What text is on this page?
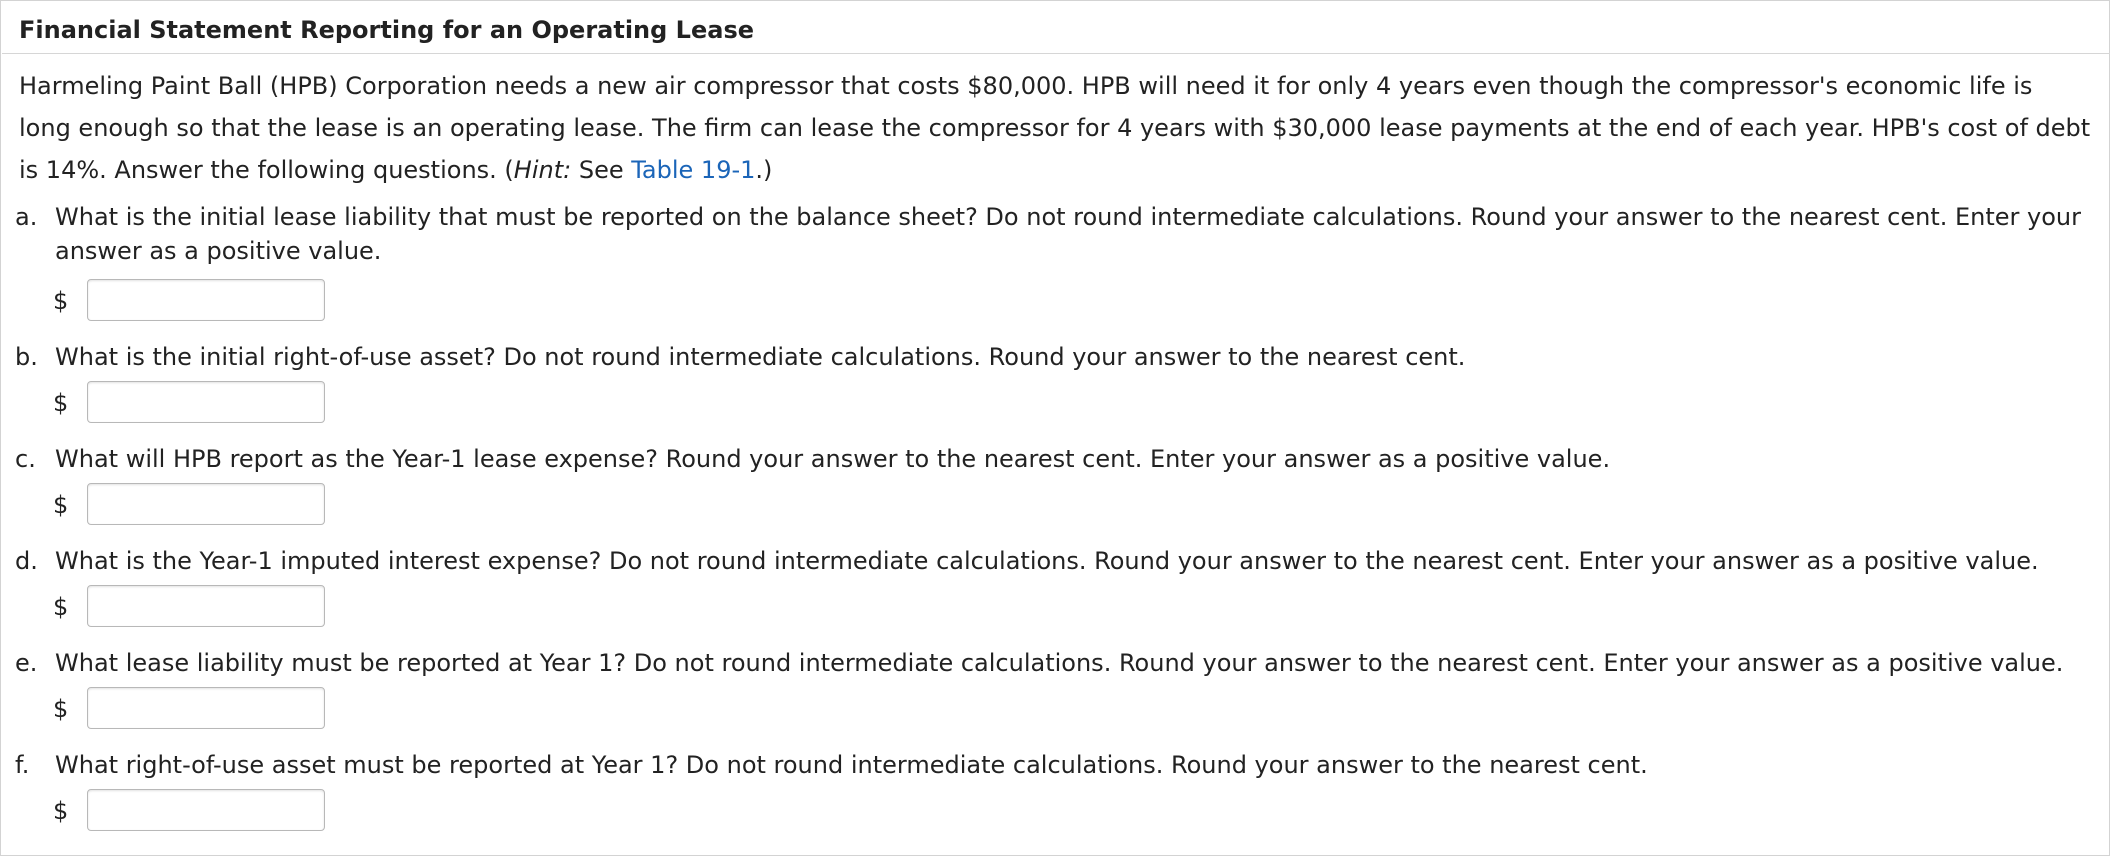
Financial Statement Reporting for an Operating Lease
Harmeling Paint Ball (HPB) Corporation needs a new air compressor that costs $80,000. HPB will need it for only 4 years even though the compressor's economic life is
long enough so that the lease is an operating lease. The firm can lease the compressor for 4 years with $30,000 lease payments at the end of each year. HPB's cost of debt
is 14%. Answer the following questions. (Hint: See Table 19-1.)
a. What is the initial lease liability that must be reported on the balance sheet? Do not round intermediate calculations. Round your answer to the nearest cent. Enter your
answer as a positive value.
$
b. What is the initial right-of-use asset? Do not round intermediate calculations. Round your answer to the nearest cent.
$
c. What will HPB report as the Year-1 lease expense? Round your answer to the nearest cent. Enter your answer as a positive value.
$
d. What is the Year-1 imputed interest expense? Do not round intermediate calculations. Round your answer to the nearest cent. Enter your answer as a positive value.
$
e. What lease liability must be reported at Year 1? Do not round intermediate calculations. Round your answer to the nearest cent. Enter your answer as a positive value.
$
f. What right-of-use asset must be reported at Year 1? Do not round intermediate calculations. Round your answer to the nearest cent.
$
